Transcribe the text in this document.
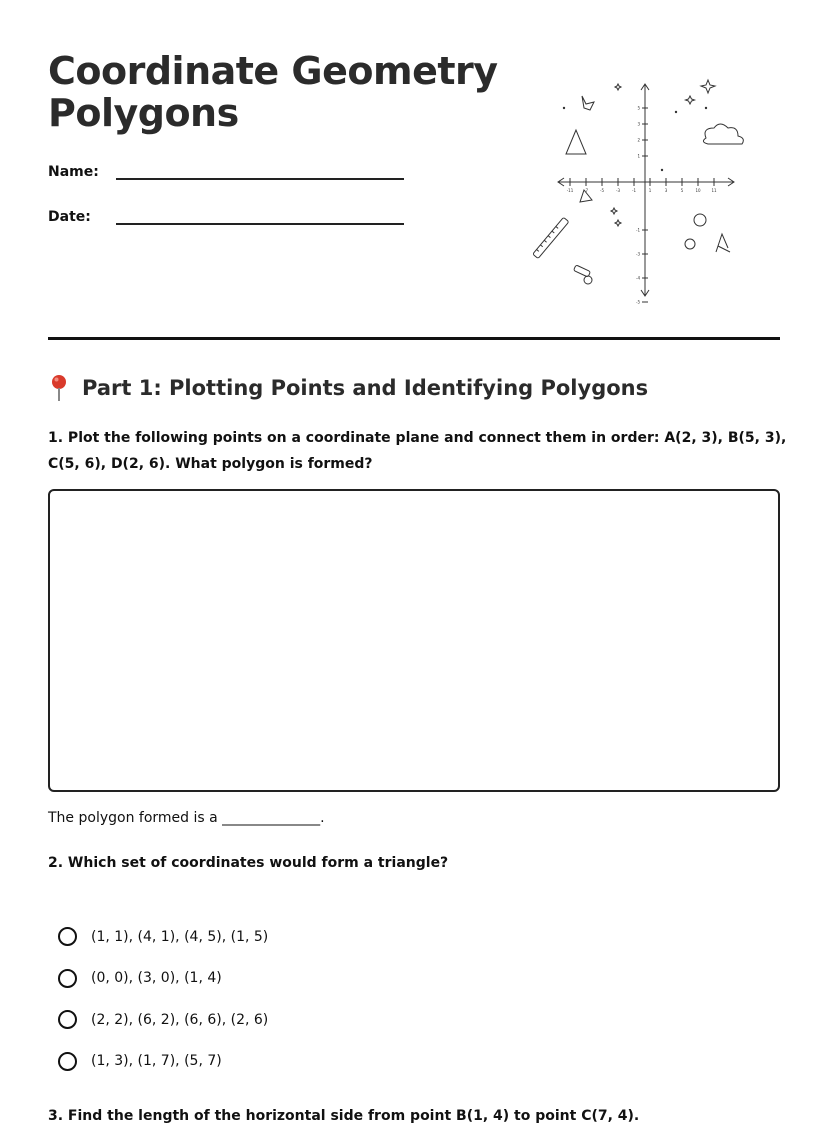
Coordinate Geometry
Polygons
Name:
Date:
-11	-7	-5	-3	-1	1	3	5	10	11
5
3
2
1
-1
-3
-4
-5
Part 1: Plotting Points and Identifying Polygons

1. Plot the following points on a coordinate plane and connect them in order: A(2, 3), B(5, 3), C(5, 6), D(2, 6). What polygon is formed?

The polygon formed is a ______________.

2. Which set of coordinates would form a triangle?

(1, 1), (4, 1), (4, 5), (1, 5)
(0, 0), (3, 0), (1, 4)
(2, 2), (6, 2), (6, 6), (2, 6)
(1, 3), (1, 7), (5, 7)
3. Find the length of the horizontal side from point B(1, 4) to point C(7, 4).
